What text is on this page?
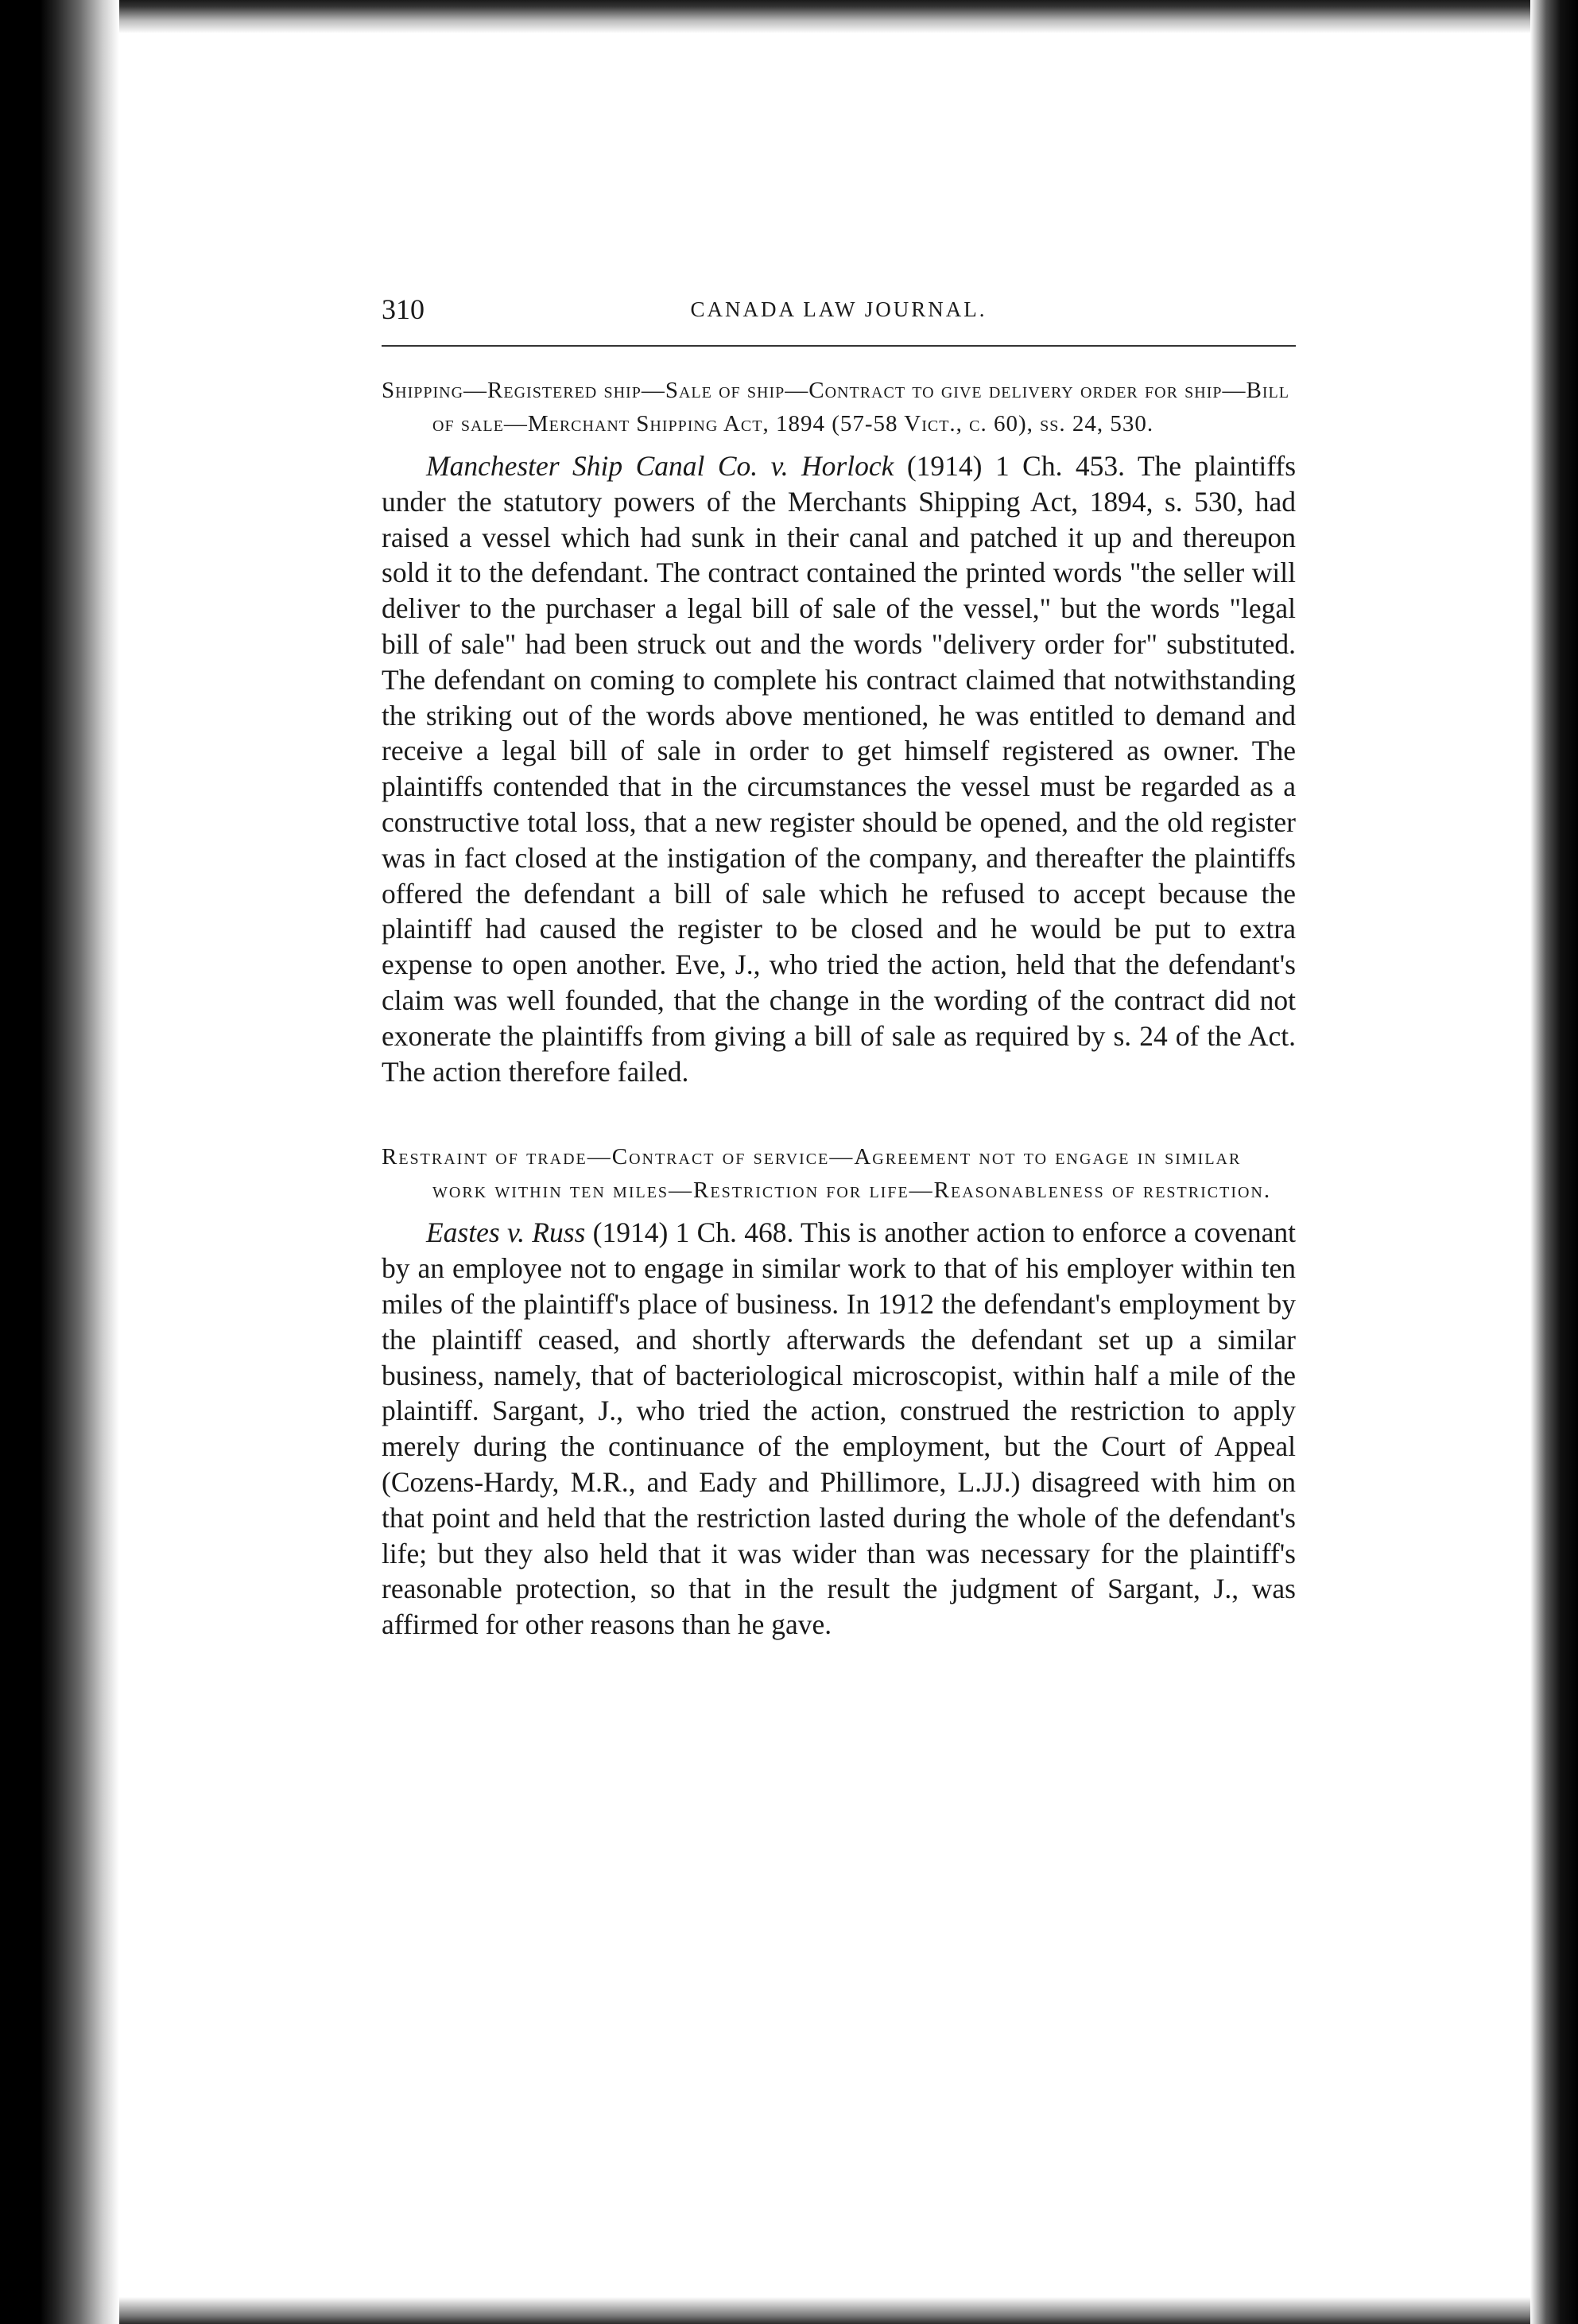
310	CANADA LAW JOURNAL.

Shipping—Registered ship—Sale of ship—Contract to give delivery order for ship—Bill of sale—Merchant Shipping Act, 1894 (57-58 Vict., c. 60), ss. 24, 530.

Manchester Ship Canal Co. v. Horlock (1914) 1 Ch. 453. The plaintiffs under the statutory powers of the Merchants Shipping Act, 1894, s. 530, had raised a vessel which had sunk in their canal and patched it up and thereupon sold it to the defendant. The contract contained the printed words "the seller will deliver to the purchaser a legal bill of sale of the vessel," but the words "legal bill of sale" had been struck out and the words "delivery order for" substituted. The defendant on coming to complete his contract claimed that notwithstanding the striking out of the words above mentioned, he was entitled to demand and receive a legal bill of sale in order to get himself registered as owner. The plaintiffs contended that in the circumstances the vessel must be regarded as a constructive total loss, that a new register should be opened, and the old register was in fact closed at the instigation of the company, and thereafter the plaintiffs offered the defendant a bill of sale which he refused to accept because the plaintiff had caused the register to be closed and he would be put to extra expense to open another. Eve, J., who tried the action, held that the defendant's claim was well founded, that the change in the wording of the contract did not exonerate the plaintiffs from giving a bill of sale as required by s. 24 of the Act. The action therefore failed.

Restraint of trade—Contract of service—Agreement not to engage in similar work within ten miles—Restriction for life—Reasonableness of restriction.

Eastes v. Russ (1914) 1 Ch. 468. This is another action to enforce a covenant by an employee not to engage in similar work to that of his employer within ten miles of the plaintiff's place of business. In 1912 the defendant's employment by the plaintiff ceased, and shortly afterwards the defendant set up a similar business, namely, that of bacteriological microscopist, within half a mile of the plaintiff. Sargant, J., who tried the action, construed the restriction to apply merely during the continuance of the employment, but the Court of Appeal (Cozens-Hardy, M.R., and Eady and Phillimore, L.JJ.) disagreed with him on that point and held that the restriction lasted during the whole of the defendant's life; but they also held that it was wider than was necessary for the plaintiff's reasonable protection, so that in the result the judgment of Sargant, J., was affirmed for other reasons than he gave.
